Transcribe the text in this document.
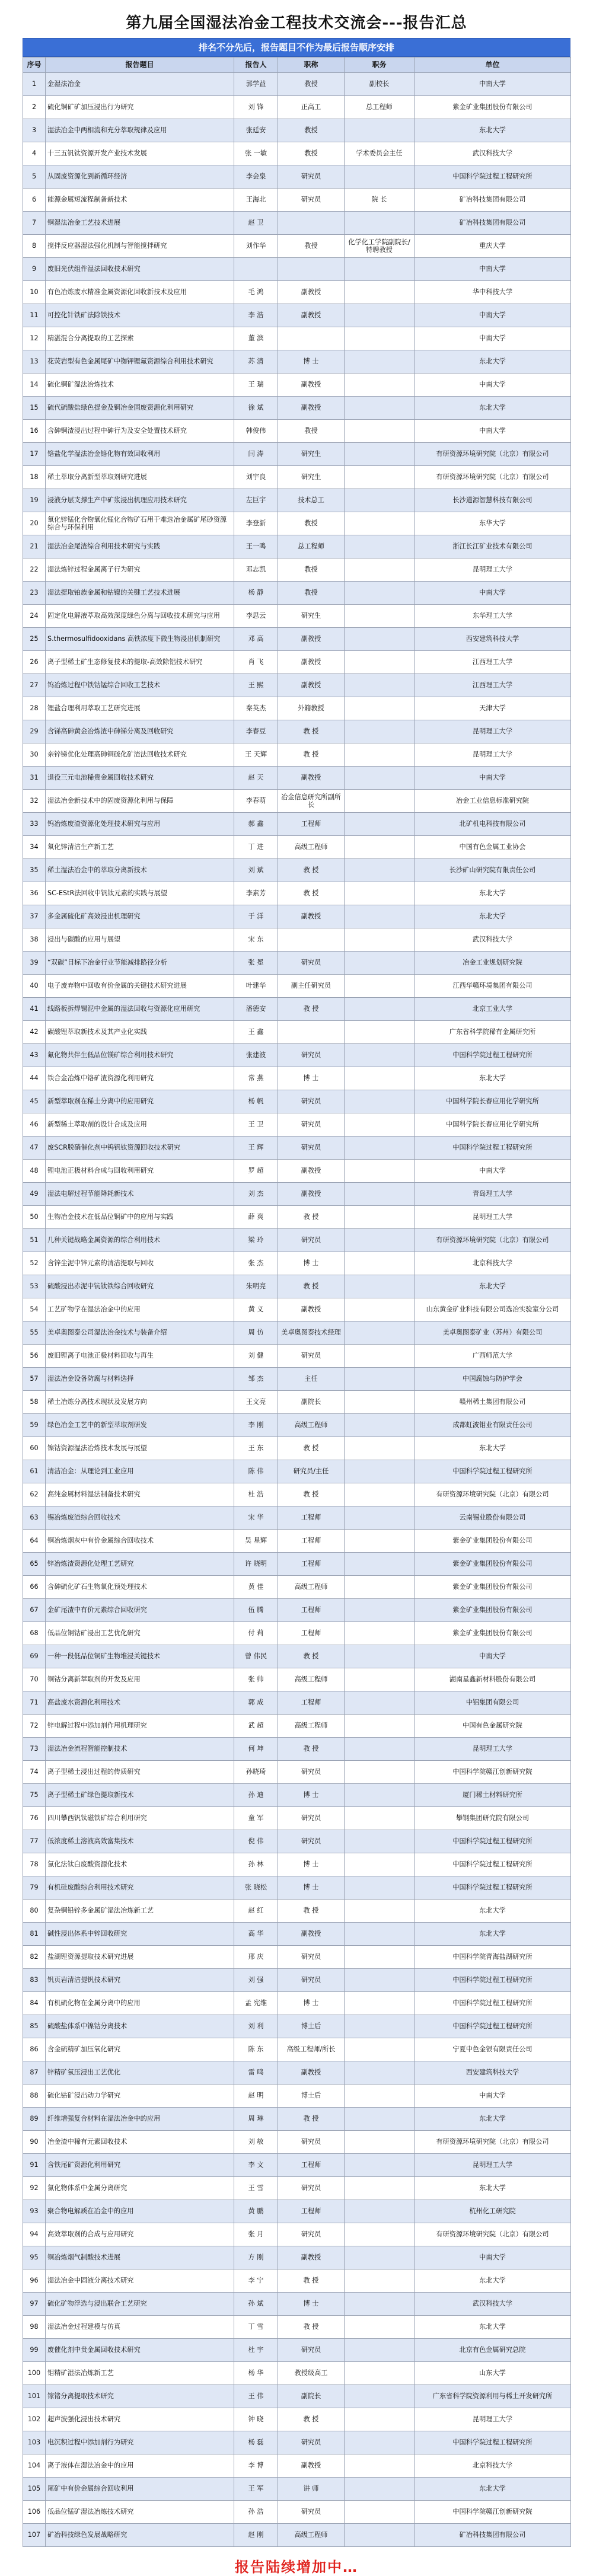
第九届全国湿法冶金工程技术交流会---报告汇总
排名不分先后，报告题目不作为最后报告顺序安排
序号	报告题目	报告人	职称	职务	单位
1	金湿法冶金	郭学益	教授	副校长	中南大学
2	硫化铜矿矿加压浸出行为研究	刘 锋	正高工	总工程师	紫金矿业集团股份有限公司
3	湿法冶金中两相流和充分萃取规律及应用	张廷安	教授		东北大学
4	十三五钒钛资源开发产业技术发展	张 一敏	教授	学术委员会主任	武汉科技大学
5	从固废资源化到新循环经济	李会泉	研究员		中国科学院过程工程研究所
6	能源金属短流程制备新技术	王海北	研究员	院 长	矿冶科技集团有限公司
7	铜湿法冶金工艺技术进展	赵 卫			矿冶科技集团有限公司
8	搅拌反应器湿法强化机制与智能搅拌研究	刘作华	教授	化学化工学院副院长/特聘教授	重庆大学
9	废旧光伏组件湿法回收技术研究				中南大学
10	有色冶炼废水精准金属资源化回收新技术及应用	毛 鸿	副教授		华中科技大学
11	可控化针铁矿法除铁技术	李 浩	副教授		中南大学
12	精湛混合分离提取的工艺探索	董 滨			中南大学
13	花荧岩型有色金属尾矿中铷钾锂氟资源综合利用技术研究	苏 清	博 士		东北大学
14	硫化铜矿湿法冶炼技术	王 瑞	副教授		中南大学
15	硫代硫酸盐绿色提金及铜冶金固废资源化利用研究	徐 斌	副教授		东北大学
16	含砷铜渣浸出过程中砷行为及安全处置技术研究	韩俊伟	教授		中南大学
17	铬盐化学湿法冶金铬化物有效回收利用	闫 涛	研究生		有研资源环境研究院（北京）有限公司
18	稀土萃取分离新型萃取剂研究进展	刘宇良	研究生		有研资源环境研究院（北京）有限公司
19	浸液分层支撑生产中矿浆浸出机理应用技术研究	左巨宇	技术总工		长沙道源智慧科技有限公司
20	氧化锌锰化合物氧化锰化合物矿石用于难选冶金属矿尾砂资源综合与环保利用	李登新	教授		东华大学
21	湿法冶金尾渣综合利用技术研究与实践	王一鸣	总工程师		浙江长江矿业技术有限公司
22	湿法炼锌过程金属离子行为研究	邓志凯	教授		昆明理工大学
23	湿法提取铂族金属和钴镍的关键工艺技术进展	杨 静	教授		中南大学
24	固定化电解液萃取高效深度绿色分离与回收技术研究与应用	李思云	研究生		东华理工大学
25	S.thermosulfidooxidans 高铁浓度下微生物浸出机制研究	邓 高	副教授		西安建筑科技大学
26	离子型稀土矿生态修复技术的提取-高效除铝技术研究	肖 飞	副教授		江西理工大学
27	钨冶炼过程中铁钴锰综合回收工艺技术	王 熙	副教授		江西理工大学
28	锂盐合理利用萃取工艺研究进展	秦英杰	外籍教授		天津大学
29	含锑高砷黄金冶炼渣中砷锑分离及回收研究	李春豆	教 授		昆明理工大学
30	亲锌锑优化处理高砷铜硫化矿渣法回收技术研究	王 天辉	教 授		昆明理工大学
31	退役三元电池稀贵金属回收技术研究	赵 天	副教授		中南大学
32	湿法冶金新技术中的固废资源化利用与保障	李春萌	冶金信息研究所副所长		冶金工业信息标准研究院
33	钨冶炼废渣资源化处理技术研究与应用	郝 鑫	工程师		北矿机电科技有限公司
34	氧化锌清洁生产新工艺	丁 进	高级工程师		中国有色金属工业协会
35	稀土湿法冶金中的萃取分离新技术	刘 斌	教 授		长沙矿山研究院有限责任公司
36	SC-EStR法回收中钒钛元素的实践与展望	李素芳	教 授		东北大学
37	多金属硫化矿高效浸出机理研究	于 洋	副教授		东北大学
38	浸出与碳酸的应用与展望	宋 东			武汉科技大学
39	“双碳”目标下冶金行业节能减排路径分析	张 冕	研究员		冶金工业规划研究院
40	电子废弃物中回收有价金属的关键技术研究进展	叶建华	副主任研究员		江西华赣环境集团有限公司
41	线路板拆焊锡泥中金属的湿法回收与资源化应用研究	潘德安	教 授		北京工业大学
42	碳酸锂萃取新技术及其产业化实践	王 鑫			广东省科学院稀有金属研究所
43	氟化物共伴生低品位镁矿综合利用技术研究	张建波	研究员		中国科学院过程工程研究所
44	铁合金冶炼中铬矿渣资源化利用研究	常 燕	博 士		东北大学
45	新型萃取剂在稀土分离中的应用研究	杨 帆	研究员		中国科学院长春应用化学研究所
46	新型稀土萃取剂的设计合成及应用	王 卫	研究员		中国科学院长春应用化学研究所
47	废SCR脱硝催化剂中钨钒钛资源回收技术研究	王 辉	研究员		中国科学院过程工程研究所
48	锂电池正极材料合成与回收利用研究	罗 超	副教授		中南大学
49	湿法电解过程节能降耗新技术	刘 杰	副教授		青岛理工大学
50	生物冶金技术在低品位铜矿中的应用与实践	薛 爽	教 授		昆明理工大学
51	几种关键战略金属资源的综合利用技术	梁 玲	研究员		有研资源环境研究院（北京）有限公司
52	含锌尘泥中锌元素的清洁提取与回收	张 杰	博 士		北京科技大学
53	硫酸浸出赤泥中钪钛铁综合回收研究	朱明亮	教 授		东北大学
54	工艺矿物学在湿法冶金中的应用	黄 义	副教授		山东黄金矿业科技有限公司选冶实验室分公司
55	美卓奥图泰公司湿法冶金技术与装备介绍	周 仿	美卓奥图泰技术经理		美卓奥图泰矿业（苏州）有限公司
56	废旧锂离子电池正极材料回收与再生	刘 健	研究员		广西师范大学
57	湿法冶金设备防腐与材料选择	邹 杰	主任		中国腐蚀与防护学会
58	稀土冶炼分离技术现状及发展方向	王文亮	副院长		赣州稀土集团有限公司
59	绿色冶金工艺中的新型萃取剂研发	李 刚	高级工程师		成都虹波钼业有限责任公司
60	镍钴资源湿法冶炼技术发展与展望	王 东	教 授		东北大学
61	清洁冶金：从理论到工业应用	陈 伟	研究员/主任		中国科学院过程工程研究所
62	高纯金属材料湿法制备技术研究	杜 浩	教 授		有研资源环境研究院（北京）有限公司
63	锡冶炼废渣综合回收技术	宋 华	工程师		云南锡业股份有限公司
64	铜冶炼烟灰中有价金属综合回收技术	吴 星辉	工程师		紫金矿业集团股份有限公司
65	锌冶炼渣资源化处理工艺研究	许 晓明	工程师		紫金矿业集团股份有限公司
66	含砷硫化矿石生物氧化预处理技术	黄 佳	高级工程师		紫金矿业集团股份有限公司
67	金矿尾渣中有价元素综合回收研究	伍 腾	工程师		紫金矿业集团股份有限公司
68	低品位铜钴矿浸出工艺优化研究	付 莉	工程师		紫金矿业集团股份有限公司
69	一种一段低品位铜矿生物堆浸关键技术	曾 伟民	教 授		中南大学
70	铜钴分离新萃取剂的开发及应用	张 帅	高级工程师		湖南星鑫新材料股份有限公司
71	高盐废水资源化利用技术	郭 成	工程师		中铝集团有限公司
72	锌电解过程中添加剂作用机理研究	武 超	高级工程师		中国有色金属研究院
73	湿法冶金流程智能控制技术	何 坤	教 授		昆明理工大学
74	离子型稀土浸出过程的传质研究	孙晓琦	研究员		中国科学院赣江创新研究院
75	离子型稀土矿绿色提取新技术	孙 迪	博 士		厦门稀土材料研究所
76	四川攀西钒钛磁铁矿综合利用研究	童 军	研究员		攀钢集团研究院有限公司
77	低浓度稀土溶液高效富集技术	倪 伟	研究员		中国科学院过程工程研究所
78	氯化法钛白废酸资源化技术	孙 林	博 士		中国科学院过程工程研究所
79	有机硅废酸综合利用技术研究	张 晓松	博 士		中国科学院过程工程研究所
80	复杂铜铅锌多金属矿湿法冶炼新工艺	赵 红	教 授		东北大学
81	碱性浸出体系中锌回收研究	高 华	副教授		东北大学
82	盐湖锂资源提取技术研究进展	邢 庆	研究员		中国科学院青海盐湖研究所
83	钒页岩清洁提钒技术研究	刘 强	研究员		中国科学院过程工程研究所
84	有机硫化物在金属分离中的应用	孟 宪维	博 士		中国科学院过程工程研究所
85	硫酸盐体系中镍钴分离技术	刘 利	博士后		中国科学院过程工程研究所
86	含金硫精矿加压氧化研究	陈 东	高级工程师/所长		宁夏中色金银有限责任公司
87	锌精矿氧压浸出工艺优化	雷 鸣	副教授		西安建筑科技大学
88	硫化钴矿浸出动力学研究	赵 明	博士后		中南大学
89	纤维增强复合材料在湿法冶金中的应用	周 琳	教 授		东北大学
90	冶金渣中稀有元素回收技术	刘 敏	研究员		有研资源环境研究院（北京）有限公司
91	含铁尾矿资源化利用研究	李 文	工程师		昆明理工大学
92	氯化物体系中金属分离研究	王 雪	研究员		东北大学
93	聚合物电解质在冶金中的应用	黄 鹏	工程师		杭州化工研究院
94	高效萃取剂的合成与应用研究	张 月	研究员		有研资源环境研究院（北京）有限公司
95	铜冶炼烟气制酸技术进展	方 刚	副教授		中南大学
96	湿法冶金中固液分离技术研究	李 宁	教 授		东北大学
97	硫化矿物浮选与浸出联合工艺研究	孙 斌	博 士		武汉科技大学
98	湿法冶金过程建模与仿真	丁 雪	教 授		东北大学
99	废催化剂中贵金属回收技术研究	杜 宇	研究员		北京有色金属研究总院
100	钼精矿湿法冶炼新工艺	杨 华	教授级高工		山东大学
101	镓锗分离提取技术研究	王 伟	副院长		广东省科学院资源利用与稀土开发研究所
102	超声波强化浸出技术研究	钟 晓	教 授		昆明理工大学
103	电沉积过程中添加剂行为研究	杨 磊	研究员		中国科学院过程工程研究所
104	离子液体在湿法冶金中的应用	李 博	副教授		北京科技大学
105	尾矿中有价金属综合回收利用	王 军	讲 师		东北大学
106	低品位锰矿湿法冶炼技术研究	孙 浩	研究员		中国科学院赣江创新研究院
107	矿冶科技绿色发展战略研究	赵 刚	高级工程师		矿冶科技集团有限公司
报告陆续增加中…
